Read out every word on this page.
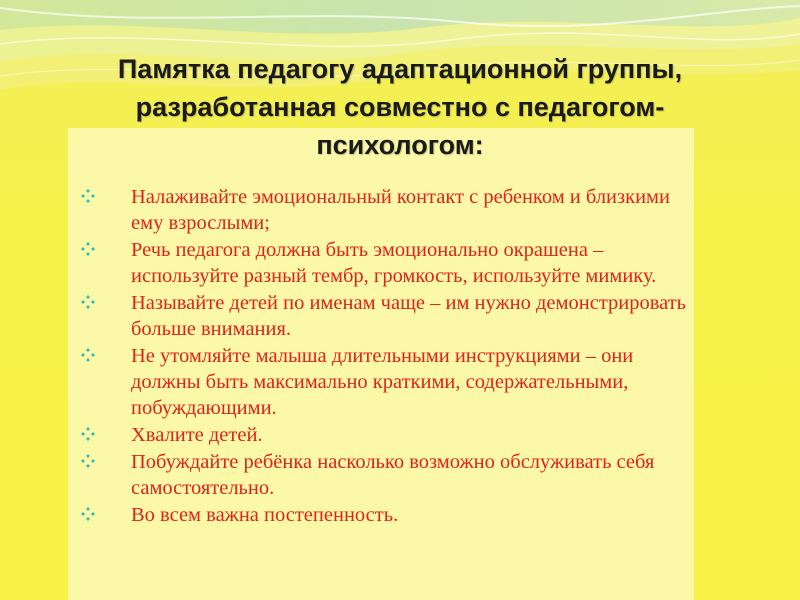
Памятка педагогу адаптационной группы, разработанная совместно с педагогом-психологом:
Налаживайте эмоциональный контакт с ребенком и близкими ему взрослыми;
Речь педагога должна быть эмоционально окрашена – используйте разный тембр, громкость, используйте мимику.
Называйте детей по именам чаще – им нужно демонстрировать больше внимания.
Не утомляйте малыша длительными инструкциями – они должны быть максимально краткими, содержательными, побуждающими.
Хвалите детей.
Побуждайте ребёнка насколько возможно обслуживать себя самостоятельно.
Во всем важна постепенность.
